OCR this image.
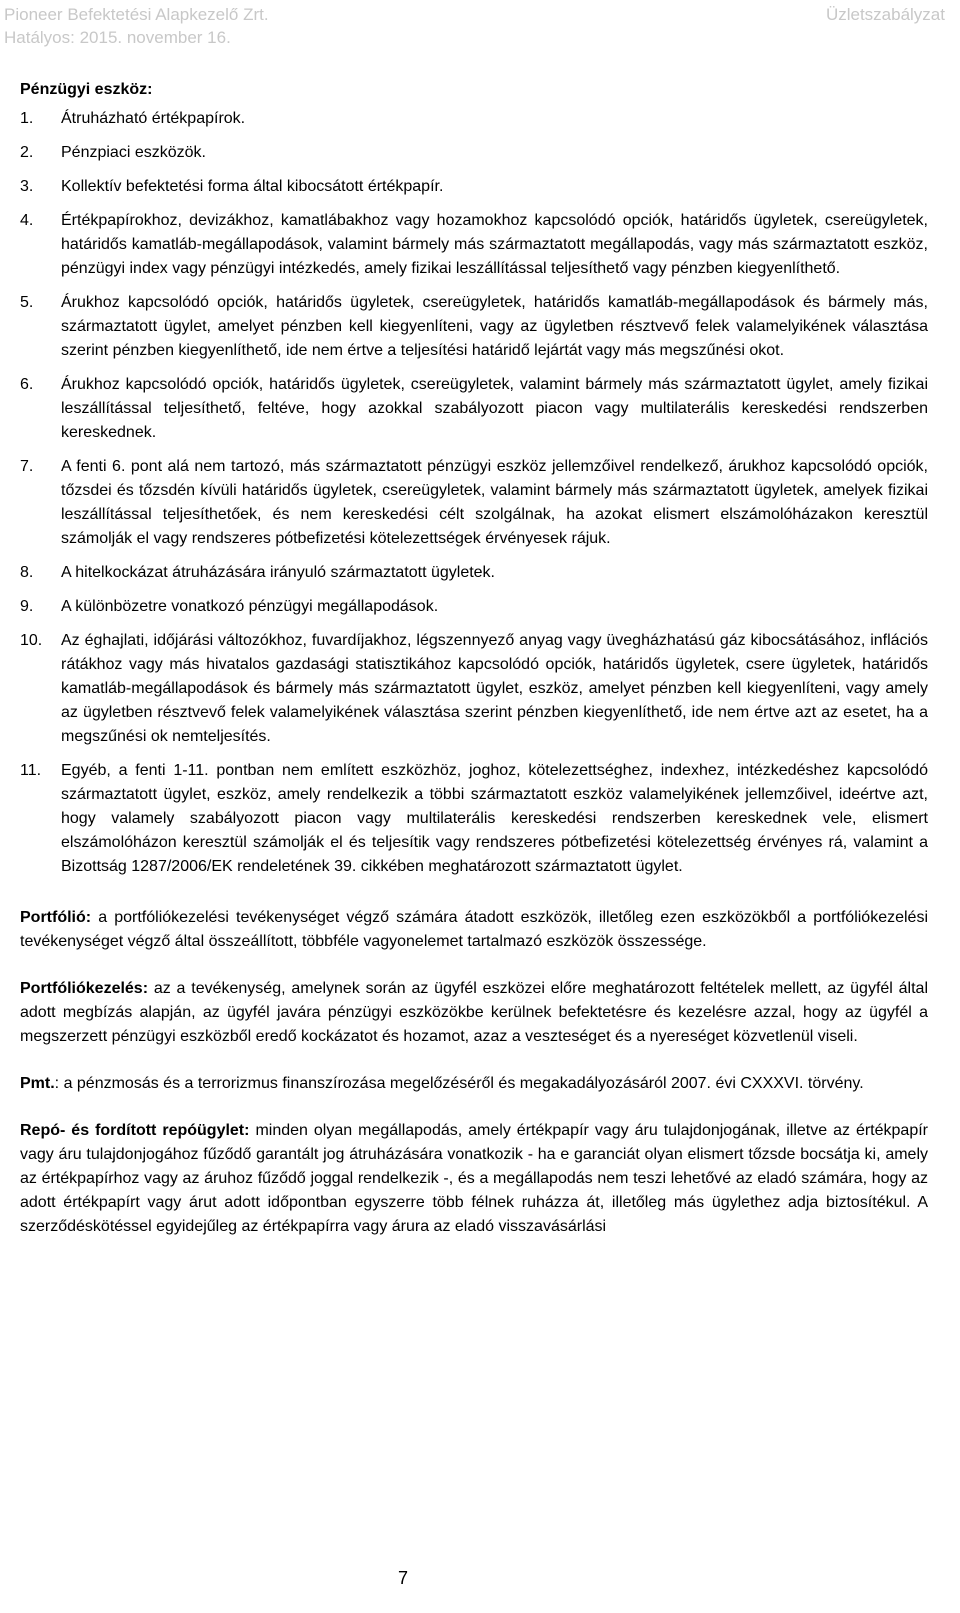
Pioneer Befektetési Alapkezelő Zrt.
Hatályos: 2015. november 16.
Üzletszabályzat
Pénzügyi eszköz:
1. Átruházható értékpapírok.
2. Pénzpiaci eszközök.
3. Kollektív befektetési forma által kibocsátott értékpapír.
4. Értékpapírokhoz, devizákhoz, kamatlábakhoz vagy hozamokhoz kapcsolódó opciók, határidős ügyletek, csereügyletek, határidős kamatláb-megállapodások, valamint bármely más származtatott megállapodás, vagy más származtatott eszköz, pénzügyi index vagy pénzügyi intézkedés, amely fizikai leszállítással teljesíthető vagy pénzben kiegyenlíthető.
5. Árukhoz kapcsolódó opciók, határidős ügyletek, csereügyletek, határidős kamatláb-megállapodások és bármely más, származtatott ügylet, amelyet pénzben kell kiegyenlíteni, vagy az ügyletben résztvevő felek valamelyikének választása szerint pénzben kiegyenlíthető, ide nem értve a teljesítési határidő lejártát vagy más megszűnési okot.
6. Árukhoz kapcsolódó opciók, határidős ügyletek, csereügyletek, valamint bármely más származtatott ügylet, amely fizikai leszállítással teljesíthető, feltéve, hogy azokkal szabályozott piacon vagy multilaterális kereskedési rendszerben kereskednek.
7. A fenti 6. pont alá nem tartozó, más származtatott pénzügyi eszköz jellemzőivel rendelkező, árukhoz kapcsolódó opciók, tőzsdei és tőzsdén kívüli határidős ügyletek, csereügyletek, valamint bármely más származtatott ügyletek, amelyek fizikai leszállítással teljesíthetőek, és nem kereskedési célt szolgálnak, ha azokat elismert elszámolóházakon keresztül számolják el vagy rendszeres pótbefizetési kötelezettségek érvényesek rájuk.
8. A hitelkockázat átruházására irányuló származtatott ügyletek.
9. A különbözetre vonatkozó pénzügyi megállapodások.
10. Az éghajlati, időjárási változókhoz, fuvardíjakhoz, légszennyező anyag vagy üvegházhatású gáz kibocsátásához, inflációs rátákhoz vagy más hivatalos gazdasági statisztikához kapcsolódó opciók, határidős ügyletek, csere ügyletek, határidős kamatláb-megállapodások és bármely más származtatott ügylet, eszköz, amelyet pénzben kell kiegyenlíteni, vagy amely az ügyletben résztvevő felek valamelyikének választása szerint pénzben kiegyenlíthető, ide nem értve azt az esetet, ha a megszűnési ok nemteljesítés.
11. Egyéb, a fenti 1-11. pontban nem említett eszközhöz, joghoz, kötelezettséghez, indexhez, intézkedéshez kapcsolódó származtatott ügylet, eszköz, amely rendelkezik a többi származtatott eszköz valamelyikének jellemzőivel, ideértve azt, hogy valamely szabályozott piacon vagy multilaterális kereskedési rendszerben kereskednek vele, elismert elszámolóházon keresztül számolják el és teljesítik vagy rendszeres pótbefizetési kötelezettség érvényes rá, valamint a Bizottság 1287/2006/EK rendeletének 39. cikkében meghatározott származtatott ügylet.

Portfólió: a portfóliókezelési tevékenységet végző számára átadott eszközök, illetőleg ezen eszközökből a portfóliókezelési tevékenységet végző által összeállított, többféle vagyonelemet tartalmazó eszközök összessége.

Portfóliókezelés: az a tevékenység, amelynek során az ügyfél eszközei előre meghatározott feltételek mellett, az ügyfél által adott megbízás alapján, az ügyfél javára pénzügyi eszközökbe kerülnek befektetésre és kezelésre azzal, hogy az ügyfél a megszerzett pénzügyi eszközből eredő kockázatot és hozamot, azaz a veszteséget és a nyereséget közvetlenül viseli.

Pmt.: a pénzmosás és a terrorizmus finanszírozása megelőzéséről és megakadályozásáról 2007. évi CXXXVI. törvény.

Repó- és fordított repóügylet: minden olyan megállapodás, amely értékpapír vagy áru tulajdonjogának, illetve az értékpapír vagy áru tulajdonjogához fűződő garantált jog átruházására vonatkozik - ha e garanciát olyan elismert tőzsde bocsátja ki, amely az értékpapírhoz vagy az áruhoz fűződő joggal rendelkezik -, és a megállapodás nem teszi lehetővé az eladó számára, hogy az adott értékpapírt vagy árut adott időpontban egyszerre több félnek ruházza át, illetőleg más ügylethez adja biztosítékul. A szerződéskötéssel egyidejűleg az értékpapírra vagy árura az eladó visszavásárlási

7
